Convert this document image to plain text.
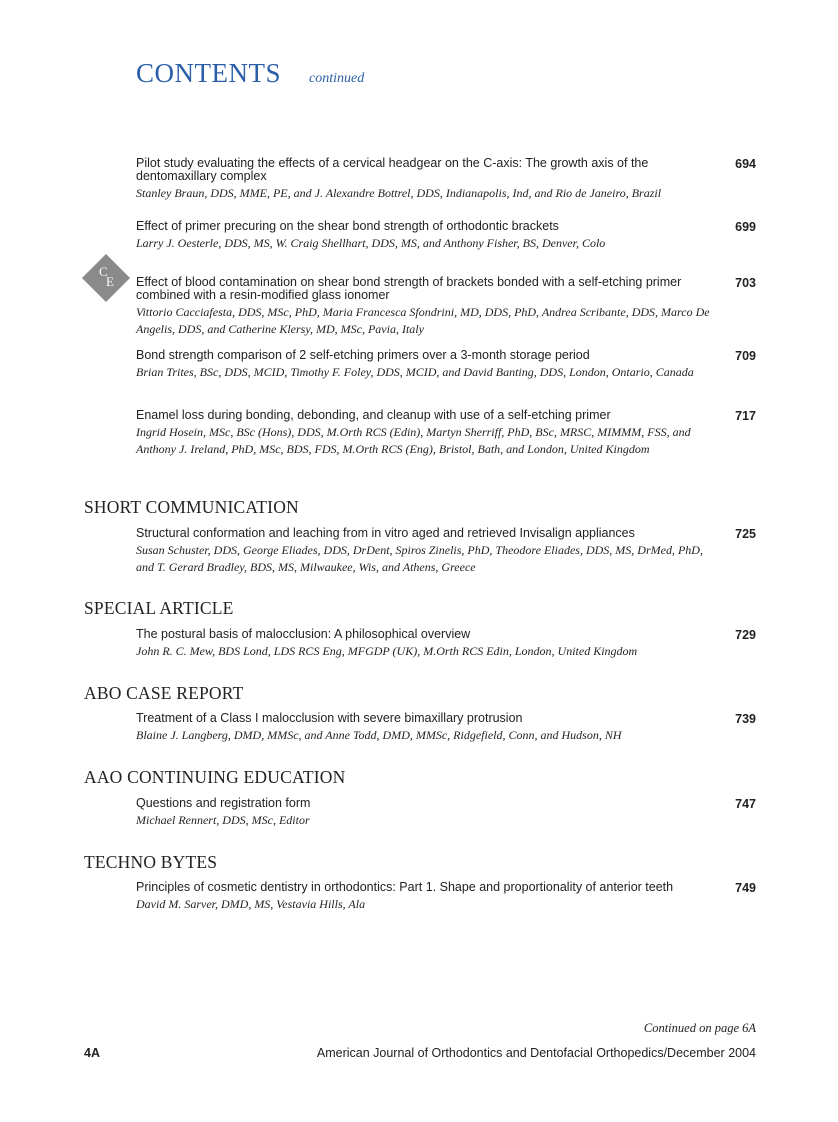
CONTENTS continued
Pilot study evaluating the effects of a cervical headgear on the C-axis: The growth axis of the dentomaxillary complex
694
Stanley Braun, DDS, MME, PE, and J. Alexandre Bottrel, DDS, Indianapolis, Ind, and Rio de Janeiro, Brazil
Effect of primer precuring on the shear bond strength of orthodontic brackets	699
Larry J. Oesterle, DDS, MS, W. Craig Shellhart, DDS, MS, and Anthony Fisher, BS, Denver, Colo
C
E Effect of blood contamination on shear bond strength of brackets bonded with a self-etching primer combined with a resin-modified glass ionomer
703
Vittorio Cacciafesta, DDS, MSc, PhD, Maria Francesca Sfondrini, MD, DDS, PhD, Andrea Scribante, DDS, Marco De Angelis, DDS, and Catherine Klersy, MD, MSc, Pavia, Italy
Bond strength comparison of 2 self-etching primers over a 3-month storage period	709
Brian Trites, BSc, DDS, MCID, Timothy F. Foley, DDS, MCID, and David Banting, DDS, London, Ontario, Canada
Enamel loss during bonding, debonding, and cleanup with use of a self-etching primer	717
Ingrid Hosein, MSc, BSc (Hons), DDS, M.Orth RCS (Edin), Martyn Sherriff, PhD, BSc, MRSC, MIMMM, FSS, and Anthony J. Ireland, PhD, MSc, BDS, FDS, M.Orth RCS (Eng), Bristol, Bath, and London, United Kingdom
SHORT COMMUNICATION
Structural conformation and leaching from in vitro aged and retrieved Invisalign appliances	725
Susan Schuster, DDS, George Eliades, DDS, DrDent, Spiros Zinelis, PhD, Theodore Eliades, DDS, MS, DrMed, PhD, and T. Gerard Bradley, BDS, MS, Milwaukee, Wis, and Athens, Greece
SPECIAL ARTICLE
The postural basis of malocclusion: A philosophical overview	729
John R. C. Mew, BDS Lond, LDS RCS Eng, MFGDP (UK), M.Orth RCS Edin, London, United Kingdom
ABO CASE REPORT
Treatment of a Class I malocclusion with severe bimaxillary protrusion	739
Blaine J. Langberg, DMD, MMSc, and Anne Todd, DMD, MMSc, Ridgefield, Conn, and Hudson, NH
AAO CONTINUING EDUCATION
Questions and registration form	747
Michael Rennert, DDS, MSc, Editor
TECHNO BYTES
Principles of cosmetic dentistry in orthodontics: Part 1. Shape and proportionality of anterior teeth	749
David M. Sarver, DMD, MS, Vestavia Hills, Ala
Continued on page 6A
4A	American Journal of Orthodontics and Dentofacial Orthopedics/December 2004
